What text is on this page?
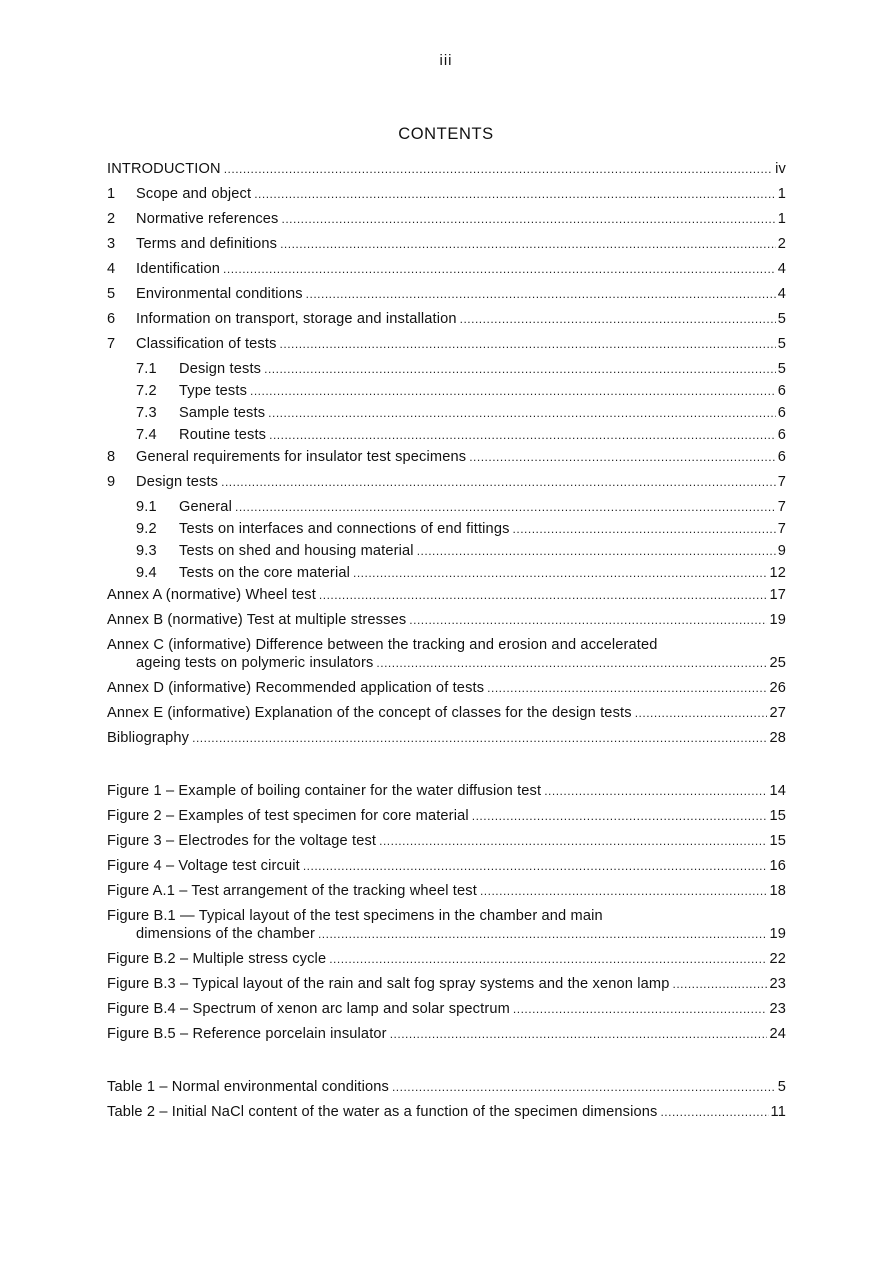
iii
CONTENTS
INTRODUCTION .....	iv
1	Scope and object .....	1
2	Normative references .....	1
3	Terms and definitions .....	2
4	Identification .....	4
5	Environmental conditions .....	4
6	Information on transport, storage and installation .....	5
7	Classification of tests .....	5
7.1	Design tests .....	5
7.2	Type tests .....	6
7.3	Sample tests .....	6
7.4	Routine tests .....	6
8	General requirements for insulator test specimens .....	6
9	Design tests .....	7
9.1	General .....	7
9.2	Tests on interfaces and connections of end fittings .....	7
9.3	Tests on shed and housing material .....	9
9.4	Tests on the core material .....	12
Annex A (normative) Wheel test .....	17
Annex B (normative) Test at multiple stresses .....	19
Annex C (informative) Difference between the tracking and erosion and accelerated
ageing tests on polymeric insulators .....	25
Annex D (informative) Recommended application of tests .....	26
Annex E (informative) Explanation of the concept of classes for the design tests .....	27
Bibliography .....	28
Figure 1 – Example of boiling container for the water diffusion test .....	14
Figure 2 – Examples of test specimen for core material .....	15
Figure 3 – Electrodes for the voltage test .....	15
Figure 4 – Voltage test circuit .....	16
Figure A.1 – Test arrangement of the tracking wheel test .....	18
Figure B.1 — Typical layout of the test specimens in the chamber and main
dimensions of the chamber .....	19
Figure B.2 – Multiple stress cycle .....	22
Figure B.3 – Typical layout of the rain and salt fog spray systems and the xenon lamp .....	23
Figure B.4 – Spectrum of xenon arc lamp and solar spectrum .....	23
Figure B.5 – Reference porcelain insulator .....	24
Table 1 – Normal environmental conditions .....	5
Table 2 – Initial NaCl content of the water as a function of the specimen dimensions .....	11
